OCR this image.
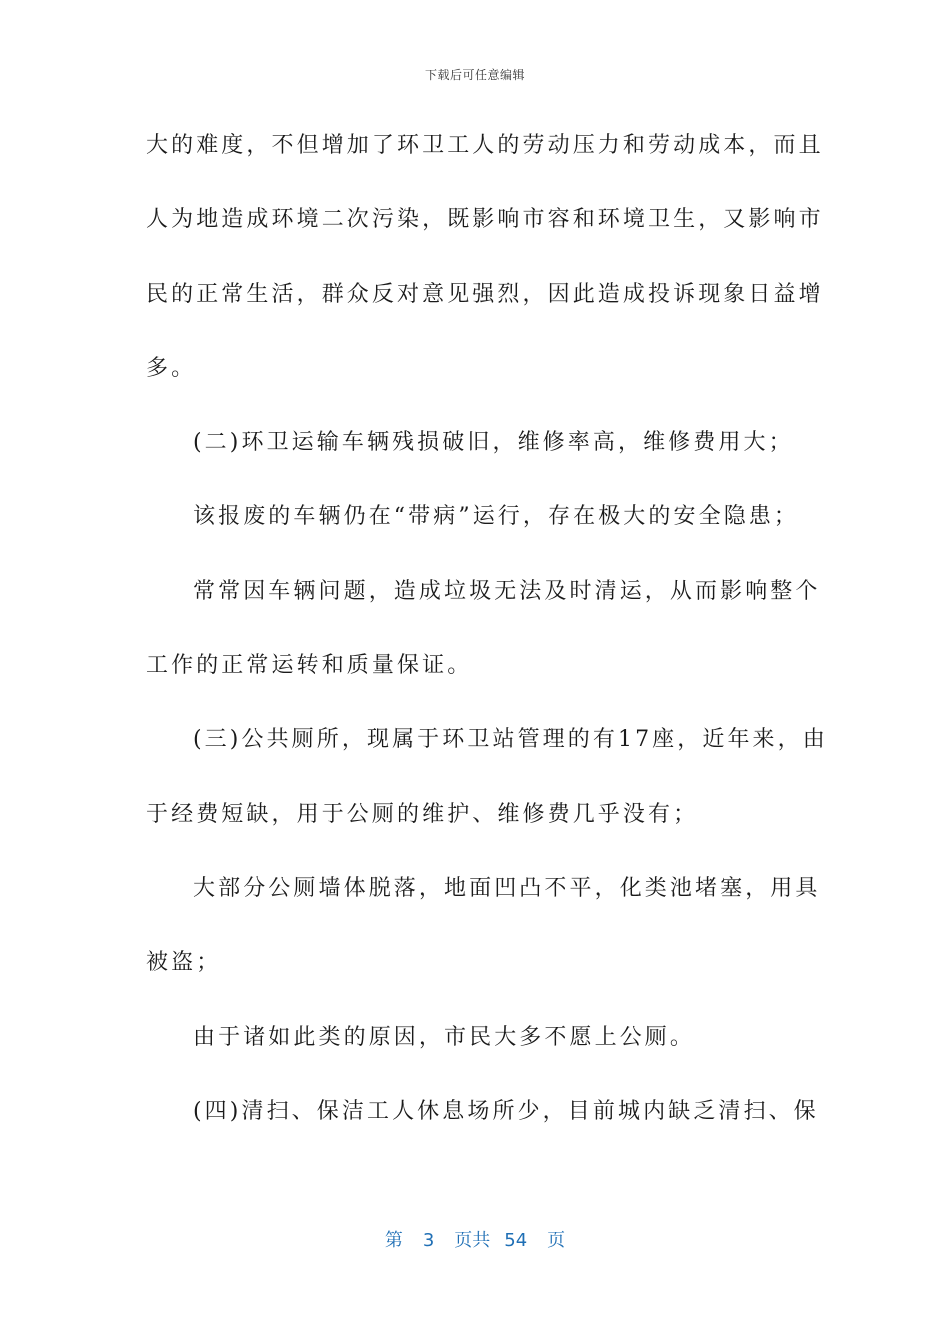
下载后可任意编辑
大的难度，不但增加了环卫工人的劳动压力和劳动成本，而且
人为地造成环境二次污染，既影响市容和环境卫生，又影响市
民的正常生活，群众反对意见强烈，因此造成投诉现象日益增
多。
(二)环卫运输车辆残损破旧，维修率高，维修费用大；
该报废的车辆仍在“带病”运行，存在极大的安全隐患；
常常因车辆问题，造成垃圾无法及时清运，从而影响整个
工作的正常运转和质量保证。
(三)公共厕所，现属于环卫站管理的有17座，近年来，由
于经费短缺，用于公厕的维护、维修费几乎没有；
大部分公厕墙体脱落，地面凹凸不平，化类池堵塞，用具
被盗；
由于诸如此类的原因，市民大多不愿上公厕。
(四)清扫、保洁工人休息场所少，目前城内缺乏清扫、保
第 3 页共 54 页
